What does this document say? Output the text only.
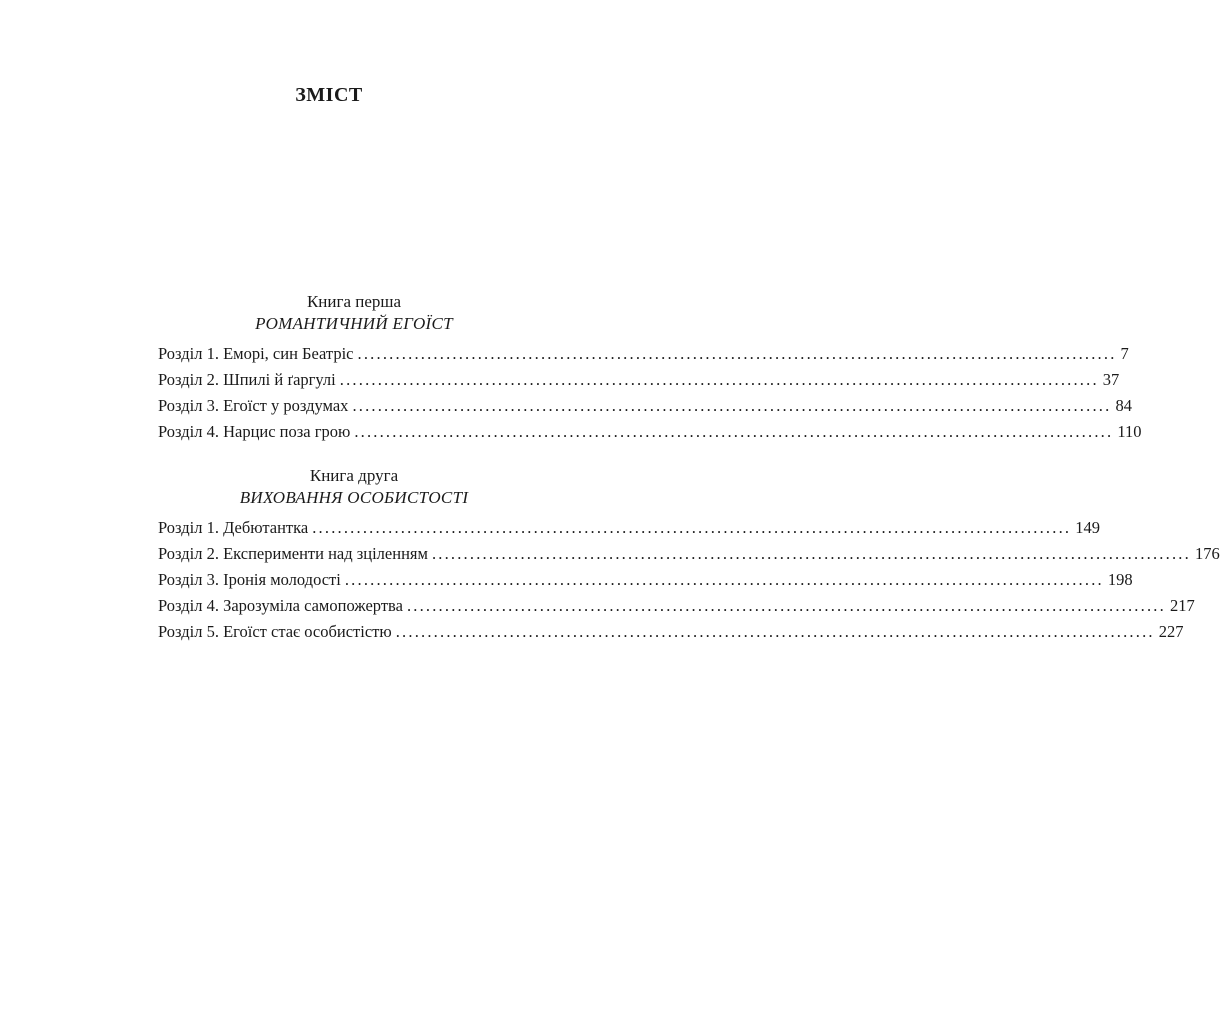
ЗМІСТ
Книга перша
РОМАНТИЧНИЙ ЕГОЇСТ
Розділ 1. Еморі, син Беатріс ........................................................................................................................ 7
Розділ 2. Шпилі й ґаргулі ........................................................................................................................ 37
Розділ 3. Егоїст у роздумах ........................................................................................................................ 84
Розділ 4. Нарцис поза грою ........................................................................................................................ 110
Книга друга
ВИХОВАННЯ ОСОБИСТОСТІ
Розділ 1. Дебютантка ........................................................................................................................ 149
Розділ 2. Експерименти над зціленням ........................................................................................................................ 176
Розділ 3. Іронія молодості ........................................................................................................................ 198
Розділ 4. Зарозуміла самопожертва ........................................................................................................................ 217
Розділ 5. Егоїст стає особистістю ........................................................................................................................ 227
